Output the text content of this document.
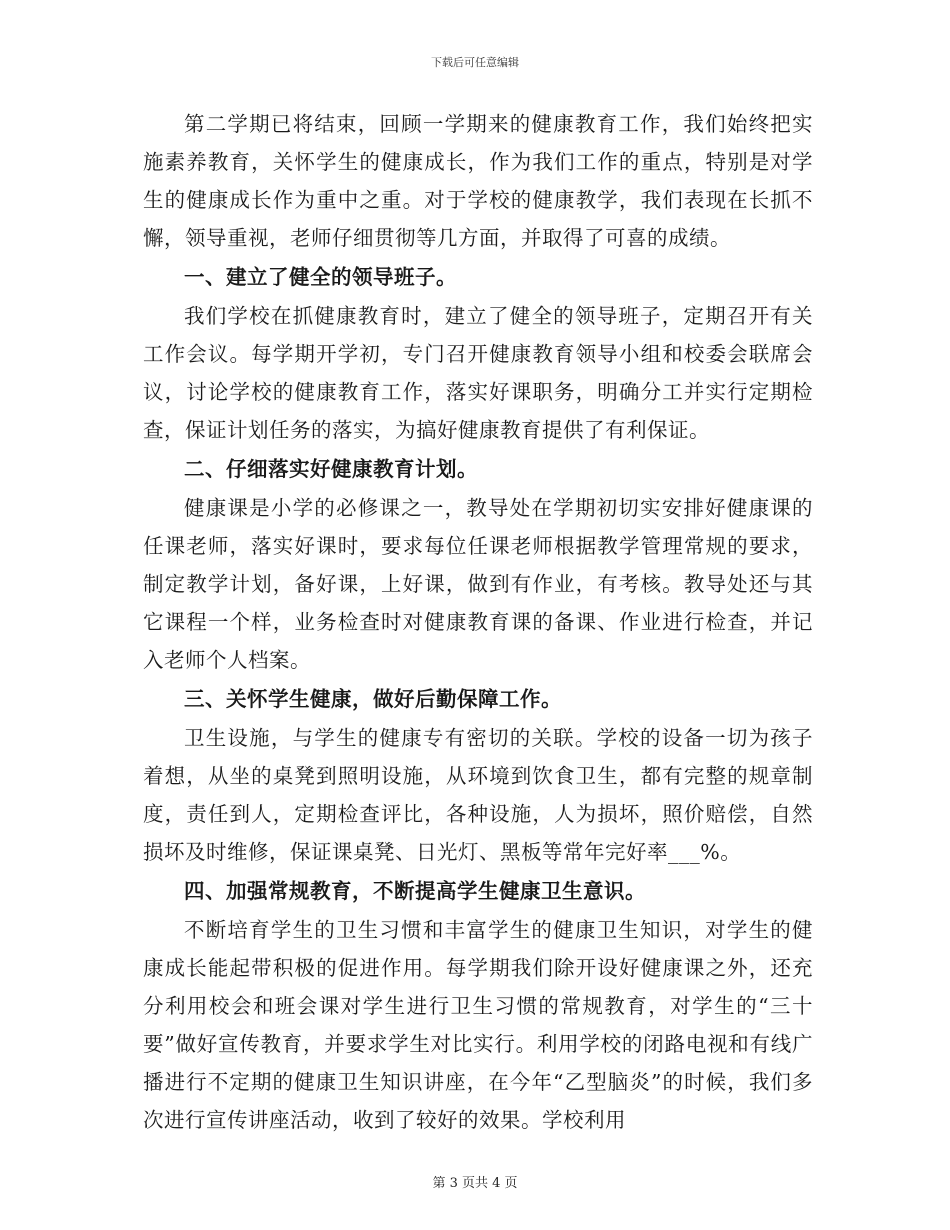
下载后可任意编辑

第二学期已将结束，回顾一学期来的健康教育工作，我们始终把实施素养教育，关怀学生的健康成长，作为我们工作的重点，特别是对学生的健康成长作为重中之重。对于学校的健康教学，我们表现在长抓不懈，领导重视，老师仔细贯彻等几方面，并取得了可喜的成绩。

一、建立了健全的领导班子。

我们学校在抓健康教育时，建立了健全的领导班子，定期召开有关工作会议。每学期开学初，专门召开健康教育领导小组和校委会联席会议，讨论学校的健康教育工作，落实好课职务，明确分工并实行定期检查，保证计划任务的落实，为搞好健康教育提供了有利保证。

二、仔细落实好健康教育计划。

健康课是小学的必修课之一，教导处在学期初切实安排好健康课的任课老师，落实好课时，要求每位任课老师根据教学管理常规的要求，制定教学计划，备好课，上好课，做到有作业，有考核。教导处还与其它课程一个样，业务检查时对健康教育课的备课、作业进行检查，并记入老师个人档案。

三、关怀学生健康，做好后勤保障工作。

卫生设施，与学生的健康专有密切的关联。学校的设备一切为孩子着想，从坐的桌凳到照明设施，从环境到饮食卫生，都有完整的规章制度，责任到人，定期检查评比，各种设施，人为损坏，照价赔偿，自然损坏及时维修，保证课桌凳、日光灯、黑板等常年完好率___%。

四、加强常规教育，不断提高学生健康卫生意识。

不断培育学生的卫生习惯和丰富学生的健康卫生知识，对学生的健康成长能起带积极的促进作用。每学期我们除开设好健康课之外，还充分利用校会和班会课对学生进行卫生习惯的常规教育，对学生的“三十要”做好宣传教育，并要求学生对比实行。利用学校的闭路电视和有线广播进行不定期的健康卫生知识讲座，在今年“乙型脑炎”的时候，我们多次进行宣传讲座活动，收到了较好的效果。学校利用

第 3 页共 4 页
